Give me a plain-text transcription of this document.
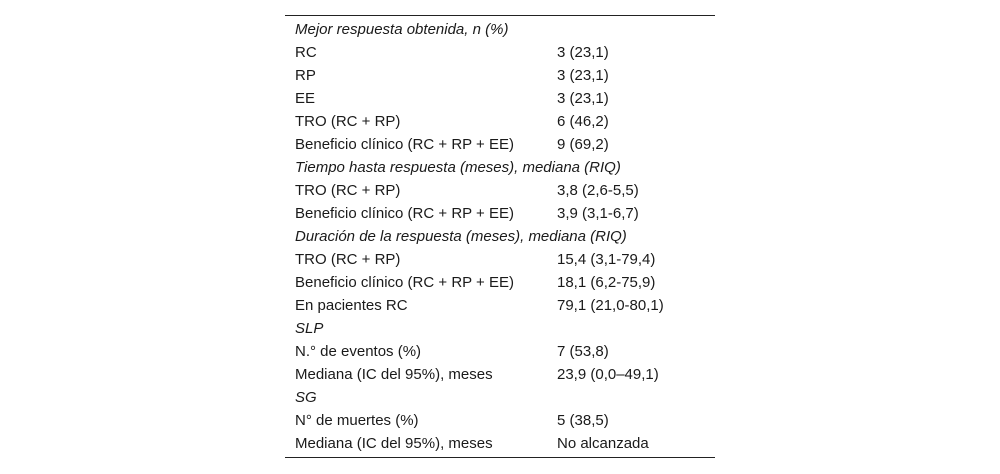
Mejor respuesta obtenida, n (%)
RC	3 (23,1)
RP	3 (23,1)
EE	3 (23,1)
TRO (RC + RP)	6 (46,2)
Beneficio clínico (RC + RP + EE)	9 (69,2)
Tiempo hasta respuesta (meses), mediana (RIQ)
TRO (RC + RP)	3,8 (2,6-5,5)
Beneficio clínico (RC + RP + EE)	3,9 (3,1-6,7)
Duración de la respuesta (meses), mediana (RIQ)
TRO (RC + RP)	15,4 (3,1-79,4)
Beneficio clínico (RC + RP + EE)	18,1 (6,2-75,9)
En pacientes RC	79,1 (21,0-80,1)
SLP
N.° de eventos (%)	7 (53,8)
Mediana (IC del 95%), meses	23,9 (0,0–49,1)
SG
N° de muertes (%)	5 (38,5)
Mediana (IC del 95%), meses	No alcanzada
